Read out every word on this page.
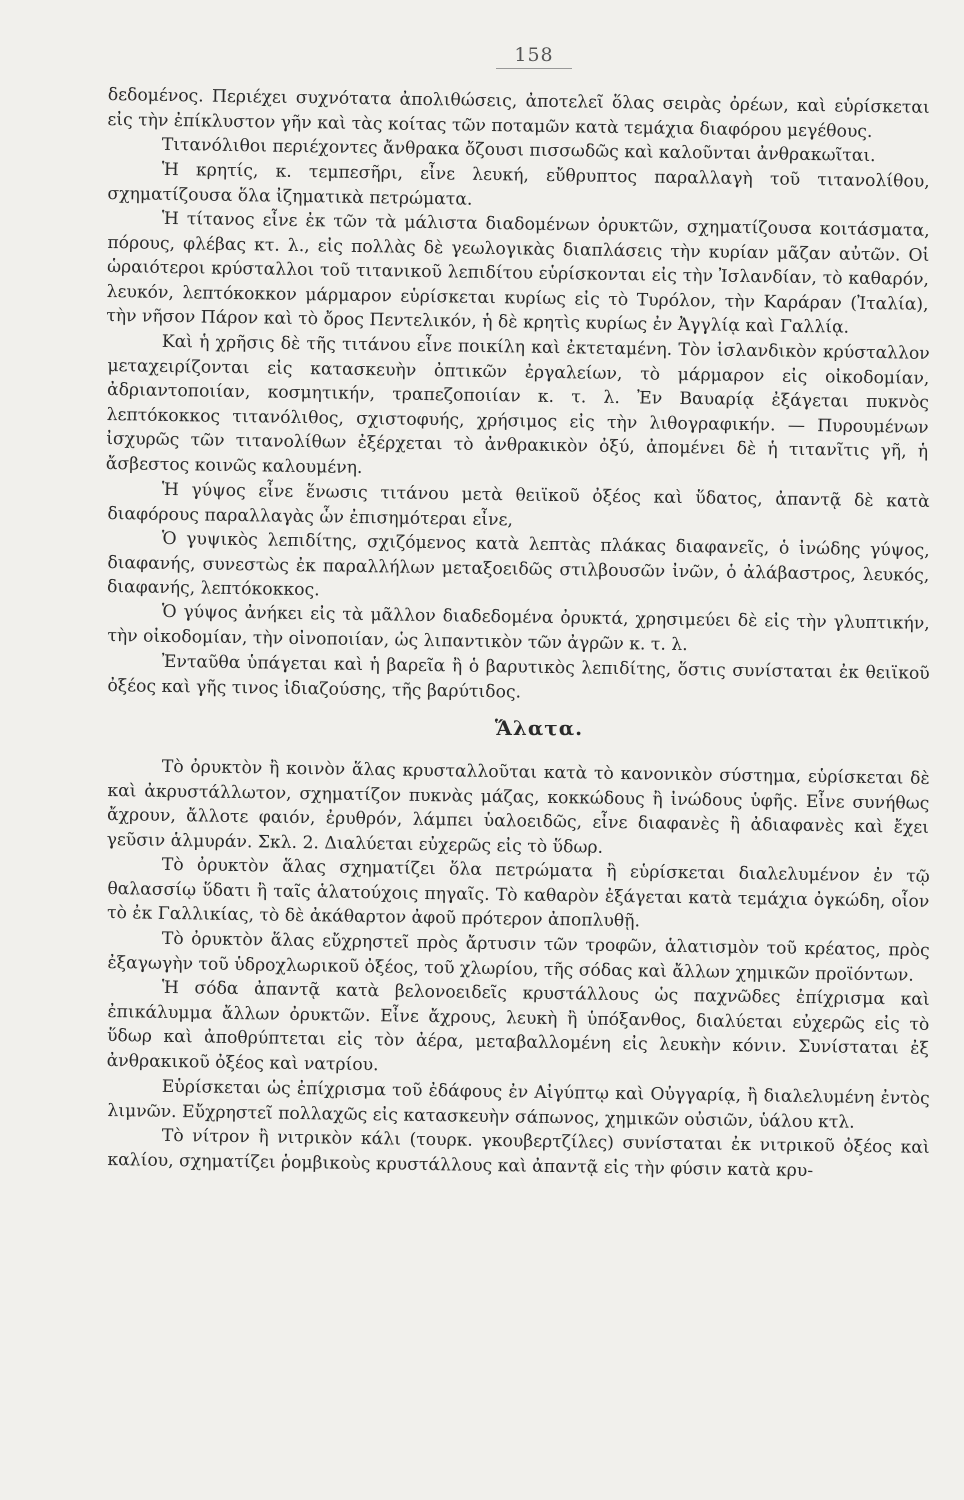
158

δεδομένος. Περιέχει συχνότατα ἀπολιθώσεις, ἀποτελεῖ ὅλας σειρὰς ὀρέων, καὶ εὑρίσκεται εἰς τὴν ἐπίκλυστον γῆν καὶ τὰς κοίτας τῶν ποταμῶν κατὰ τεμάχια διαφόρου μεγέθους.

Τιτανόλιθοι περιέχοντες ἄνθρακα ὄζουσι πισσωδῶς καὶ καλοῦνται ἀνθρακωῖται.

Ἡ κρητίς, κ. τεμπεσῆρι, εἶνε λευκή, εὔθρυπτος παραλλαγὴ τοῦ τιτανολίθου, σχηματίζουσα ὅλα ἰζηματικὰ πετρώματα.

Ἡ τίτανος εἶνε ἐκ τῶν τὰ μάλιστα διαδομένων ὀρυκτῶν, σχηματίζουσα κοιτάσματα, πόρους, φλέβας κτ. λ., εἰς πολλὰς δὲ γεωλογικὰς διαπλάσεις τὴν κυρίαν μᾶζαν αὐτῶν. Οἱ ὡραιότεροι κρύσταλλοι τοῦ τιτανικοῦ λεπιδίτου εὑρίσκονται εἰς τὴν Ἰσλανδίαν, τὸ καθαρόν, λευκόν, λεπτόκοκκον μάρμαρον εὑρίσκεται κυρίως εἰς τὸ Τυρόλον, τὴν Καράραν (Ἰταλία), τὴν νῆσον Πάρον καὶ τὸ ὄρος Πεντελικόν, ἡ δὲ κρητὶς κυρίως ἐν Ἀγγλίᾳ καὶ Γαλλίᾳ.

Καὶ ἡ χρῆσις δὲ τῆς τιτάνου εἶνε ποικίλη καὶ ἐκτεταμένη. Τὸν ἰσλανδικὸν κρύσταλλον μεταχειρίζονται εἰς κατασκευὴν ὀπτικῶν ἐργαλείων, τὸ μάρμαρον εἰς οἰκοδομίαν, ἀδριαντοποιίαν, κοσμητικήν, τραπεζοποιίαν κ. τ. λ. Ἐν Βαυαρίᾳ ἐξάγεται πυκνὸς λεπτόκοκκος τιτανόλιθος, σχιστοφυής, χρήσιμος εἰς τὴν λιθογραφικήν. — Πυρουμένων ἰσχυρῶς τῶν τιτανολίθων ἐξέρχεται τὸ ἀνθρακικὸν ὀξύ, ἀπομένει δὲ ἡ τιτανῖτις γῆ, ἡ ἄσβεστος κοινῶς καλουμένη.

Ἡ γύψος εἶνε ἕνωσις τιτάνου μετὰ θειϊκοῦ ὀξέος καὶ ὕδατος, ἀπαντᾷ δὲ κατὰ διαφόρους παραλλαγὰς ὧν ἐπισημότεραι εἶνε,

Ὁ γυψικὸς λεπιδίτης, σχιζόμενος κατὰ λεπτὰς πλάκας διαφανεῖς, ὁ ἰνώδης γύψος, διαφανής, συνεστὼς ἐκ παραλλήλων μεταξοειδῶς στιλβουσῶν ἰνῶν, ὁ ἀλάβαστρος, λευκός, διαφανής, λεπτόκοκκος.

Ὁ γύψος ἀνήκει εἰς τὰ μᾶλλον διαδεδομένα ὀρυκτά, χρησιμεύει δὲ εἰς τὴν γλυπτικήν, τὴν οἰκοδομίαν, τὴν οἰνοποιίαν, ὡς λιπαντικὸν τῶν ἀγρῶν κ. τ. λ.

Ἐνταῦθα ὑπάγεται καὶ ἡ βαρεῖα ἢ ὁ βαρυτικὸς λεπιδίτης, ὅστις συνίσταται ἐκ θειϊκοῦ ὀξέος καὶ γῆς τινος ἰδιαζούσης, τῆς βαρύτιδος.

Ἅλατα.

Τὸ ὀρυκτὸν ἢ κοινὸν ἅλας κρυσταλλοῦται κατὰ τὸ κανονικὸν σύστημα, εὑρίσκεται δὲ καὶ ἀκρυστάλλωτον, σχηματίζον πυκνὰς μάζας, κοκκώδους ἢ ἰνώδους ὑφῆς. Εἶνε συνήθως ἄχρουν, ἄλλοτε φαιόν, ἐρυθρόν, λάμπει ὑαλοειδῶς, εἶνε διαφανὲς ἢ ἀδιαφανὲς καὶ ἔχει γεῦσιν ἁλμυράν. Σκλ. 2. Διαλύεται εὐχερῶς εἰς τὸ ὕδωρ.

Τὸ ὀρυκτὸν ἅλας σχηματίζει ὅλα πετρώματα ἢ εὑρίσκεται διαλελυμένον ἐν τῷ θαλασσίῳ ὕδατι ἢ ταῖς ἁλατούχοις πηγαῖς. Τὸ καθαρὸν ἐξάγεται κατὰ τεμάχια ὀγκώδη, οἷον τὸ ἐκ Γαλλικίας, τὸ δὲ ἀκάθαρτον ἀφοῦ πρότερον ἀποπλυθῇ.

Τὸ ὀρυκτὸν ἅλας εὔχρηστεῖ πρὸς ἄρτυσιν τῶν τροφῶν, ἁλατισμὸν τοῦ κρέατος, πρὸς ἐξαγωγὴν τοῦ ὑδροχλωρικοῦ ὀξέος, τοῦ χλωρίου, τῆς σόδας καὶ ἄλλων χημικῶν προϊόντων.

Ἡ σόδα ἀπαντᾷ κατὰ βελονοειδεῖς κρυστάλλους ὡς παχνῶδες ἐπίχρισμα καὶ ἐπικάλυμμα ἄλλων ὀρυκτῶν. Εἶνε ἄχρους, λευκὴ ἢ ὑπόξανθος, διαλύεται εὐχερῶς εἰς τὸ ὕδωρ καὶ ἀποθρύπτεται εἰς τὸν ἀέρα, μεταβαλλομένη εἰς λευκὴν κόνιν. Συνίσταται ἐξ ἀνθρακικοῦ ὀξέος καὶ νατρίου.

Εὑρίσκεται ὡς ἐπίχρισμα τοῦ ἐδάφους ἐν Αἰγύπτῳ καὶ Οὐγγαρίᾳ, ἢ διαλελυμένη ἐντὸς λιμνῶν. Εὔχρηστεῖ πολλαχῶς εἰς κατασκευὴν σάπωνος, χημικῶν οὐσιῶν, ὑάλου κτλ.

Τὸ νίτρον ἢ νιτρικὸν κάλι (τουρκ. γκουβερτζίλες) συνίσταται ἐκ νιτρικοῦ ὀξέος καὶ καλίου, σχηματίζει ῥομβικοὺς κρυστάλλους καὶ ἀπαντᾷ εἰς τὴν φύσιν κατὰ κρυ-
